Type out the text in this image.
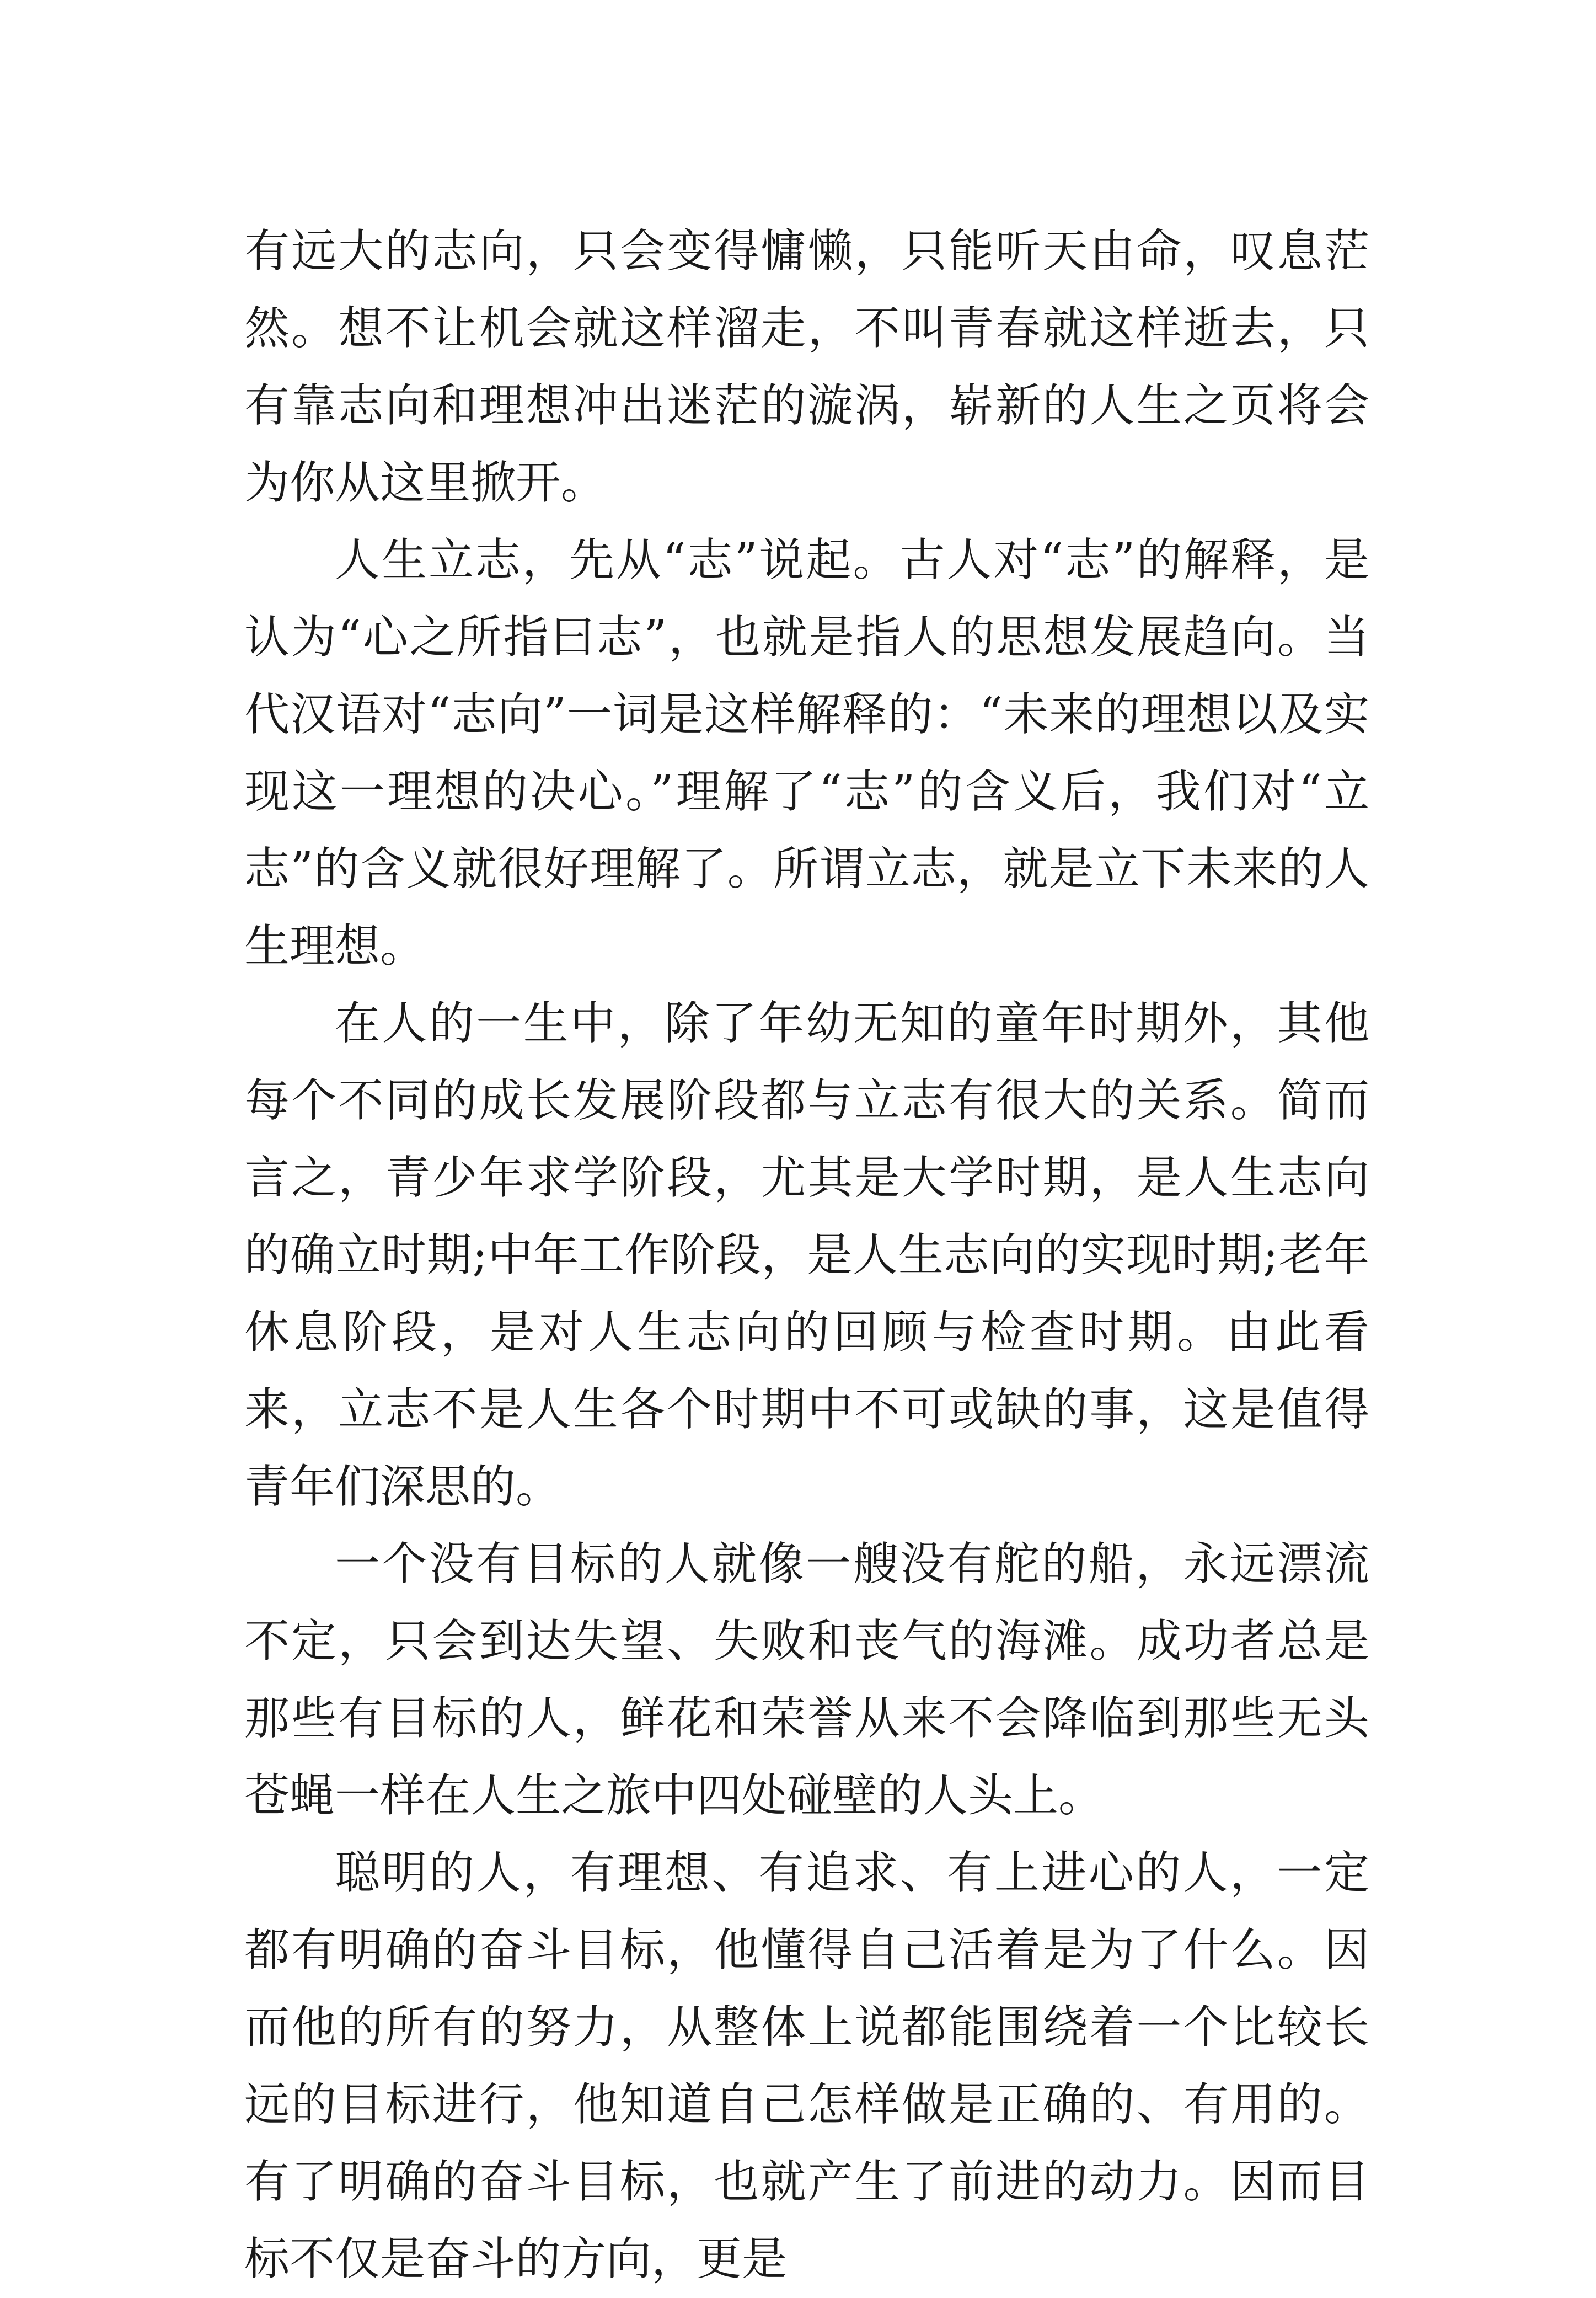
有远大的志向，只会变得慵懒，只能听天由命，叹息茫然。想不让机会就这样溜走，不叫青春就这样逝去，只有靠志向和理想冲出迷茫的漩涡，崭新的人生之页将会为你从这里掀开。

人生立志，先从“志”说起。古人对“志”的解释，是认为“心之所指曰志”，也就是指人的思想发展趋向。当代汉语对“志向”一词是这样解释的：“未来的理想以及实现这一理想的决心。”理解了“志”的含义后，我们对“立志”的含义就很好理解了。所谓立志，就是立下未来的人生理想。

在人的一生中，除了年幼无知的童年时期外，其他每个不同的成长发展阶段都与立志有很大的关系。简而言之，青少年求学阶段，尤其是大学时期，是人生志向的确立时期;中年工作阶段，是人生志向的实现时期;老年休息阶段，是对人生志向的回顾与检查时期。由此看来，立志不是人生各个时期中不可或缺的事，这是值得青年们深思的。

一个没有目标的人就像一艘没有舵的船，永远漂流不定，只会到达失望、失败和丧气的海滩。成功者总是那些有目标的人，鲜花和荣誉从来不会降临到那些无头苍蝇一样在人生之旅中四处碰壁的人头上。

聪明的人，有理想、有追求、有上进心的人，一定都有明确的奋斗目标，他懂得自己活着是为了什么。因而他的所有的努力，从整体上说都能围绕着一个比较长远的目标进行，他知道自己怎样做是正确的、有用的。有了明确的奋斗目标，也就产生了前进的动力。因而目标不仅是奋斗的方向，更是
